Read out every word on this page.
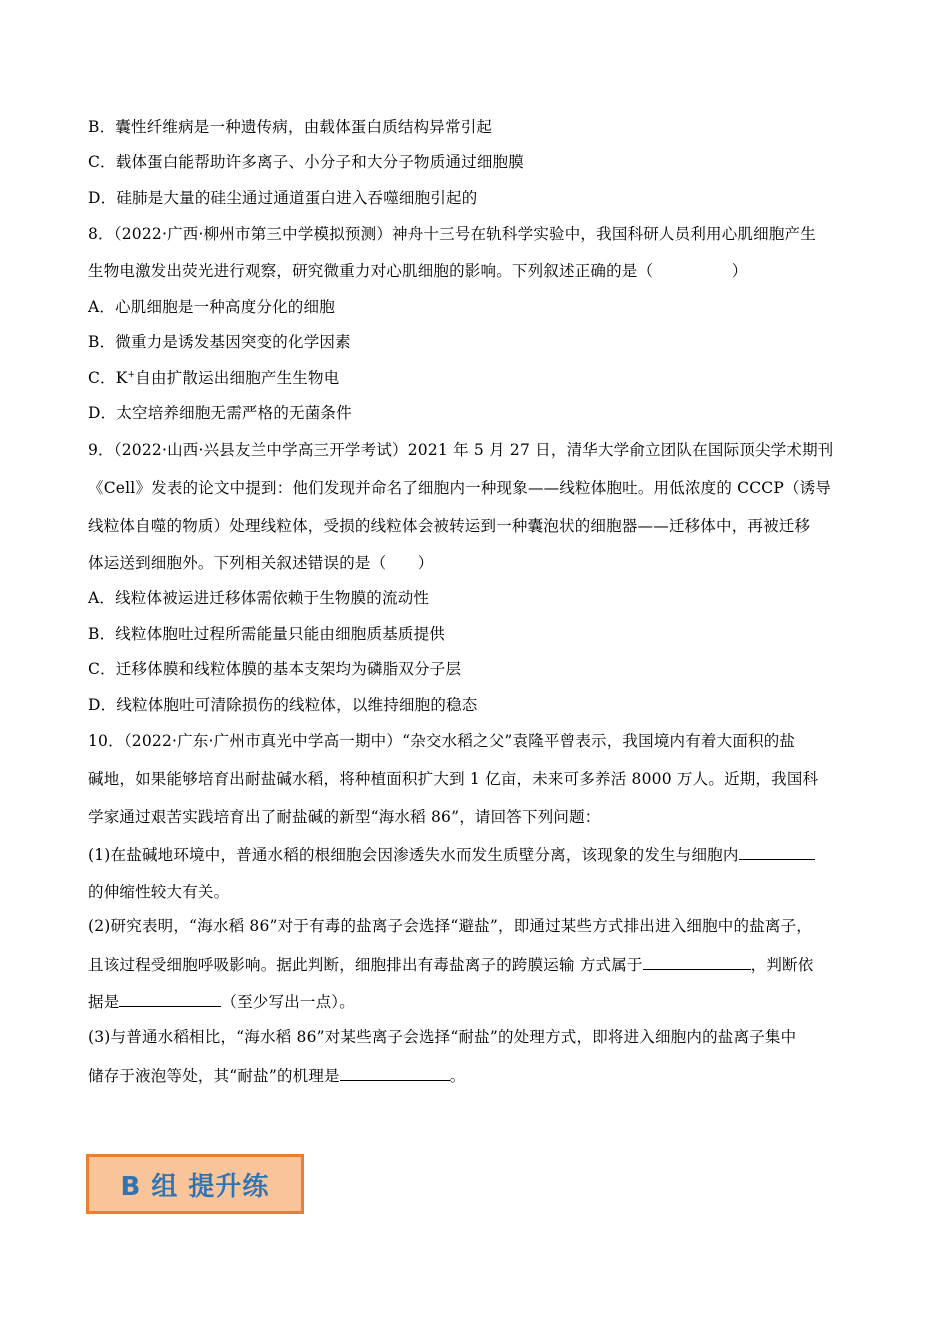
B．囊性纤维病是一种遗传病，由载体蛋白质结构异常引起
C．载体蛋白能帮助许多离子、小分子和大分子物质通过细胞膜
D．硅肺是大量的硅尘通过通道蛋白进入吞噬细胞引起的
8．（2022·广西·柳州市第三中学模拟预测）神舟十三号在轨科学实验中，我国科研人员利用心肌细胞产生
生物电激发出荧光进行观察，研究微重力对心肌细胞的影响。下列叙述正确的是（　　　　　）
A．心肌细胞是一种高度分化的细胞
B．微重力是诱发基因突变的化学因素
C．K+自由扩散运出细胞产生生物电
D．太空培养细胞无需严格的无菌条件
9．（2022·山西·兴县友兰中学高三开学考试）2021 年 5 月 27 日，清华大学俞立团队在国际顶尖学术期刊
《Cell》发表的论文中提到：他们发现并命名了细胞内一种现象——线粒体胞吐。用低浓度的 CCCP（诱导
线粒体自噬的物质）处理线粒体，受损的线粒体会被转运到一种囊泡状的细胞器——迁移体中，再被迁移
体运送到细胞外。下列相关叙述错误的是（　　）
A．线粒体被运进迁移体需依赖于生物膜的流动性
B．线粒体胞吐过程所需能量只能由细胞质基质提供
C．迁移体膜和线粒体膜的基本支架均为磷脂双分子层
D．线粒体胞吐可清除损伤的线粒体，以维持细胞的稳态
10．（2022·广东·广州市真光中学高一期中）“杂交水稻之父”袁隆平曾表示，我国境内有着大面积的盐
碱地，如果能够培育出耐盐碱水稻，将种植面积扩大到 1 亿亩，未来可多养活 8000 万人。近期，我国科
学家通过艰苦实践培育出了耐盐碱的新型“海水稻 86”，请回答下列问题：
(1)在盐碱地环境中，普通水稻的根细胞会因渗透失水而发生质壁分离，该现象的发生与细胞内
的伸缩性较大有关。
(2)研究表明，“海水稻 86”对于有毒的盐离子会选择“避盐”，即通过某些方式排出进入细胞中的盐离子，
且该过程受细胞呼吸影响。据此判断，细胞排出有毒盐离子的跨膜运输 方式属于	，判断依
据是	（至少写出一点）。
(3)与普通水稻相比，“海水稻 86”对某些离子会选择“耐盐”的处理方式，即将进入细胞内的盐离子集中
储存于液泡等处，其“耐盐”的机理是	。
B 组 提升练
